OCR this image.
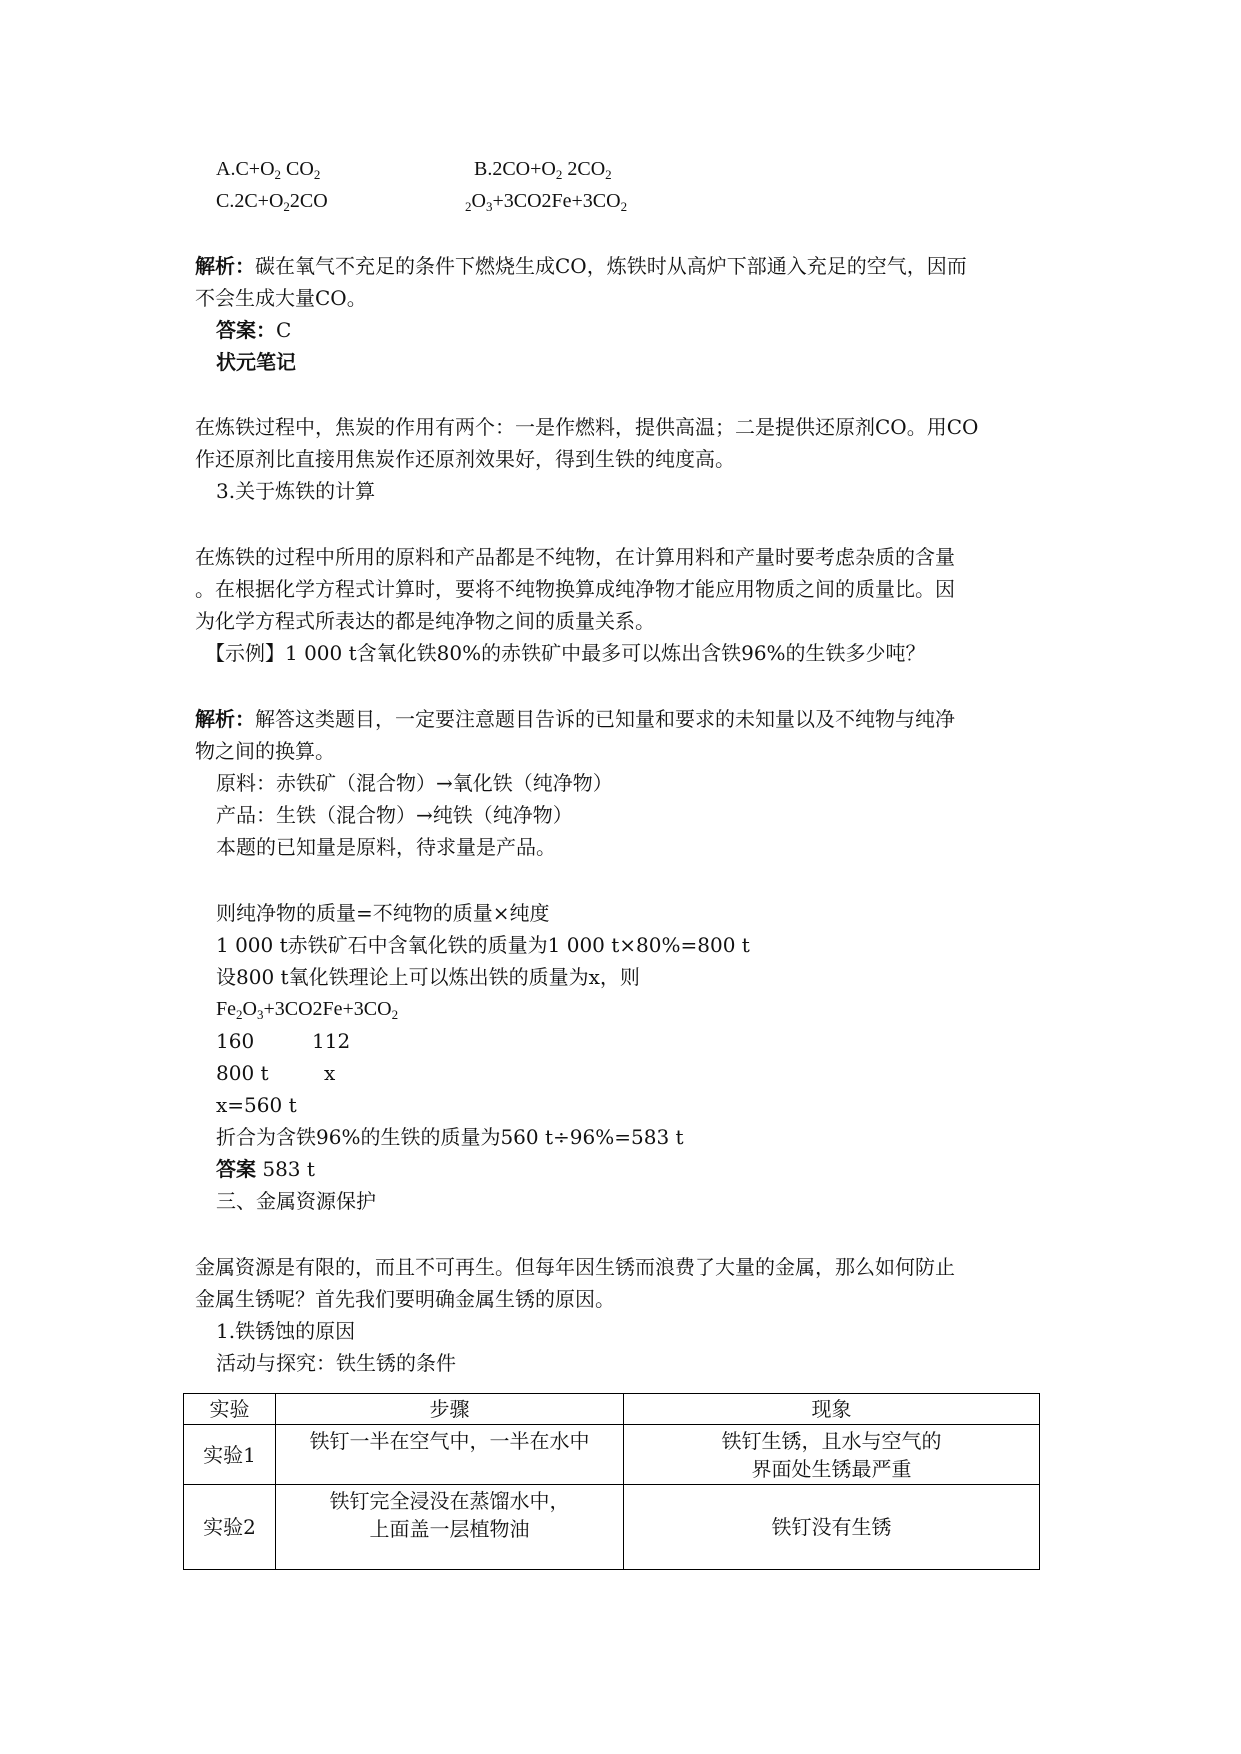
$A.C+O_2$ $CO_2$	$B.2CO+O_2$ $2CO_2$
$C.2C+O_22CO$	$_2O_3+3CO2Fe+3CO_2$
解析：碳在氧气不充足的条件下燃烧生成CO，炼铁时从高炉下部通入充足的空气，因而
不会生成大量CO。
答案：C
状元笔记
在炼铁过程中，焦炭的作用有两个：一是作燃料，提供高温；二是提供还原剂CO。用CO
作还原剂比直接用焦炭作还原剂效果好，得到生铁的纯度高。
3.关于炼铁的计算
在炼铁的过程中所用的原料和产品都是不纯物，在计算用料和产量时要考虑杂质的含量
。在根据化学方程式计算时，要将不纯物换算成纯净物才能应用物质之间的质量比。因
为化学方程式所表达的都是纯净物之间的质量关系。
【示例】1 000 t含氧化铁80%的赤铁矿中最多可以炼出含铁96%的生铁多少吨？
解析：解答这类题目，一定要注意题目告诉的已知量和要求的未知量以及不纯物与纯净
物之间的换算。
原料：赤铁矿（混合物）→氧化铁（纯净物）
产品：生铁（混合物）→纯铁（纯净物）
本题的已知量是原料，待求量是产品。
则纯净物的质量=不纯物的质量×纯度
1 000 t赤铁矿石中含氧化铁的质量为1 000 t×80%=800 t
设800 t氧化铁理论上可以炼出铁的质量为x，则
$Fe_2O_3+3CO2Fe+3CO_2$
160	112
800 t	x
x=560 t
折合为含铁96%的生铁的质量为560 t÷96%=583 t
答案 583 t
三、金属资源保护
金属资源是有限的，而且不可再生。但每年因生锈而浪费了大量的金属，那么如何防止
金属生锈呢？首先我们要明确金属生锈的原因。
1.铁锈蚀的原因
活动与探究：铁生锈的条件
实验	步骤	现象
实验1	铁钉一半在空气中，一半在水中	铁钉生锈，且水与空气的
界面处生锈最严重

实验2	铁钉完全浸没在蒸馏水中，
上面盖一层植物油	铁钉没有生锈
